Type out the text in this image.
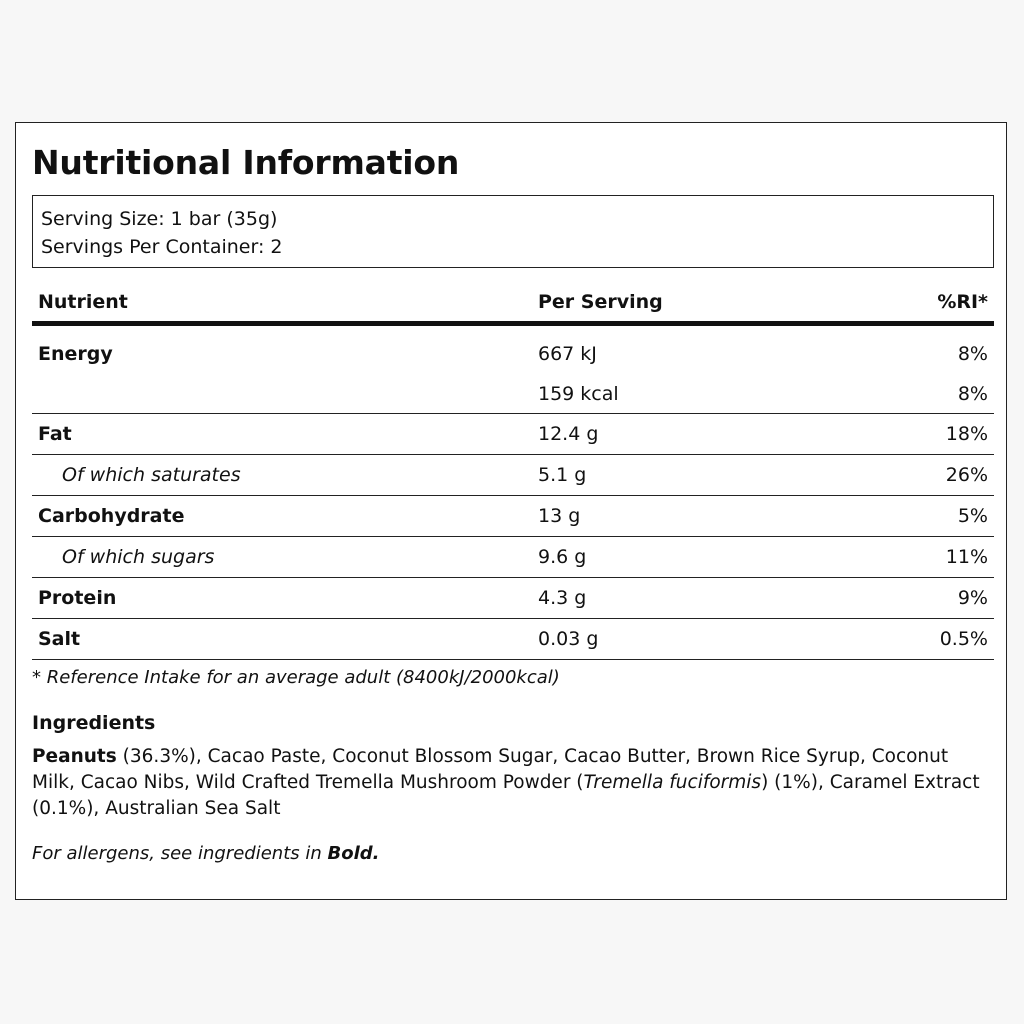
Nutritional Information
Serving Size: 1 bar (35g)
Servings Per Container: 2
Nutrient	Per Serving	%RI*
Energy	667 kJ	8%
	159 kcal	8%
Fat	12.4 g	18%
Of which saturates	5.1 g	26%
Carbohydrate	13 g	5%
Of which sugars	9.6 g	11%
Protein	4.3 g	9%
Salt	0.03 g	0.5%
* Reference Intake for an average adult (8400kJ/2000kcal)
Ingredients
Peanuts (36.3%), Cacao Paste, Coconut Blossom Sugar, Cacao Butter, Brown Rice Syrup, Coconut Milk, Cacao Nibs, Wild Crafted Tremella Mushroom Powder (Tremella fuciformis) (1%), Caramel Extract (0.1%), Australian Sea Salt
For allergens, see ingredients in Bold.
